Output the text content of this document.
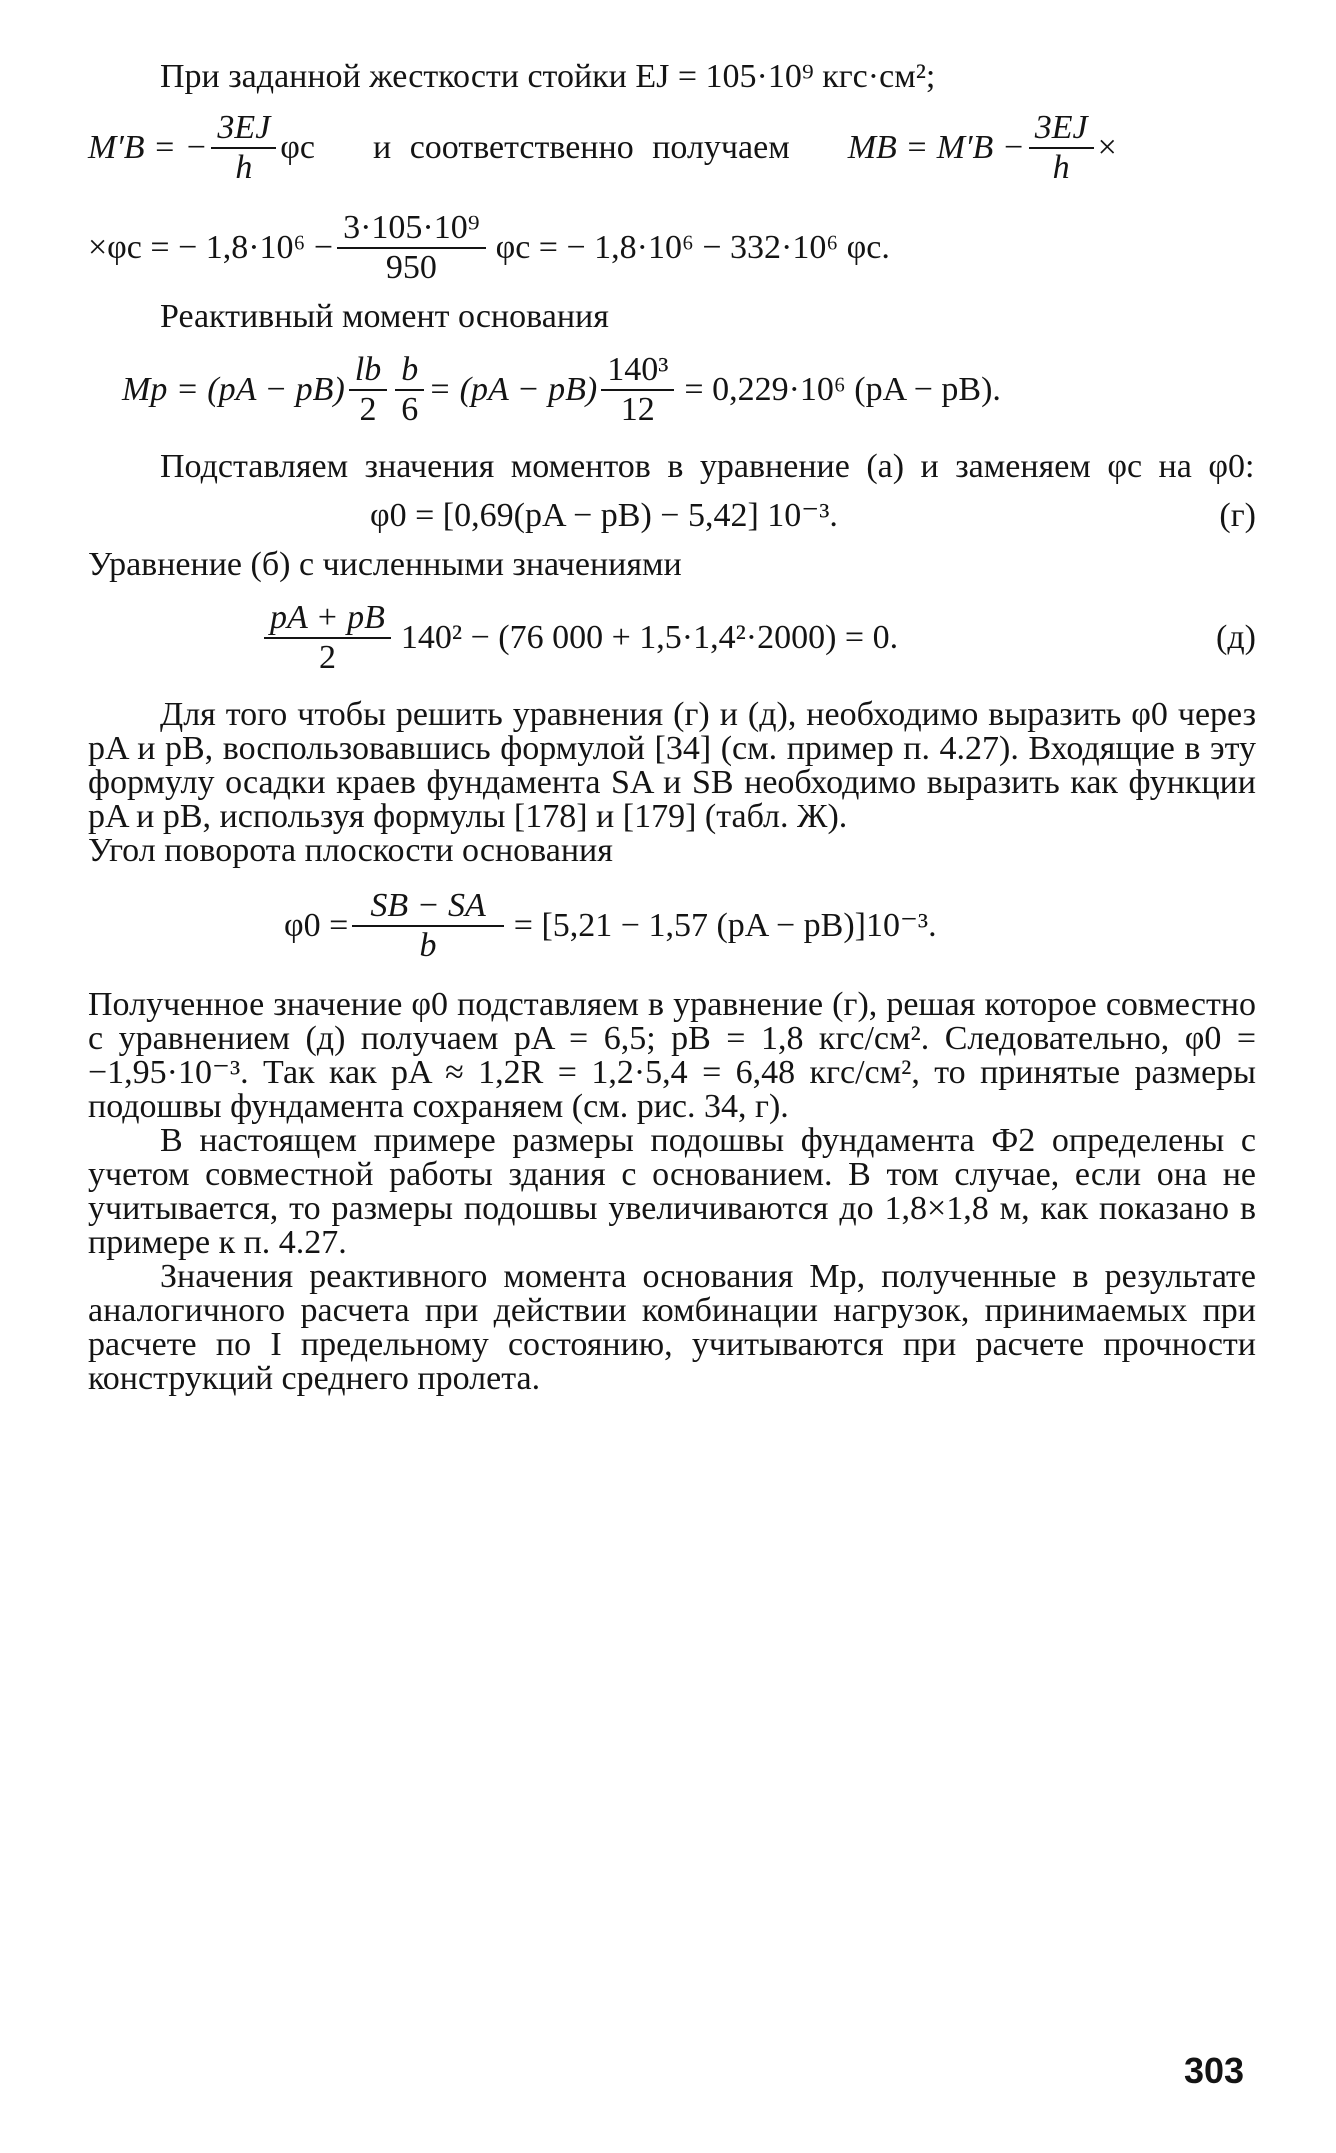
При заданной жесткости стойки EJ = 105·10⁹ кгс·см²;
M′B = − $\frac{3EJ}{h}$ φc и соответственно получаем MB = $M'B - \frac{3EJ}{h}$ ×
×φc = − $1,8\cdot 10^6 - \frac{\text{3·105·10⁹}}{950}$ φc = − 1,8·10⁶ − 332·10⁶ φc.
Реактивный момент основания
Mр = $(pA - pB) \frac{lb}{2} \frac{b}{6} = (pA - pB) \frac{\text{140³}}{12} = 0,229\cdot 10^6$ (pA − pB).
Подставляем значения моментов в уравнение (а) и заменяем φc на φ0:
φ0 = [0,69(pA − pB) − 5,42] 10⁻³.	(г)
Уравнение (б) с численными значениями
$\frac{pA + pB}{2} 140^2 - (76$ 000 + 1,5·1,4²·2000) = 0.	(д)
Для того чтобы решить уравнения (г) и (д), необходимо выразить φ0 через pA и pB, воспользовавшись формулой [34] (см. пример п. 4.27). Входящие в эту формулу осадки краев фундамента SA и SB необходимо выразить как функции pA и pB, используя формулы [178] и [179] (табл. Ж).
Угол поворота плоскости основания
$\varphi 0 = \frac{SB - SA}{b} = [5,21 - 1,57$ (pA − pB)]10⁻³.
Полученное значение φ0 подставляем в уравнение (г), решая которое совместно с уравнением (д) получаем pA = 6,5; pB = 1,8 кгс/см². Следовательно, φ0 = −1,95·10⁻³. Так как pA ≈ 1,2R = 1,2·5,4 = 6,48 кгс/см², то принятые размеры подошвы фундамента сохраняем (см. рис. 34, г).
В настоящем примере размеры подошвы фундамента Ф2 определены с учетом совместной работы здания с основанием. В том случае, если она не учитывается, то размеры подошвы увеличиваются до 1,8×1,8 м, как показано в примере к п. 4.27.
Значения реактивного момента основания Mр, полученные в результате аналогичного расчета при действии комбинации нагрузок, принимаемых при расчете по I предельному состоянию, учитываются при расчете прочности конструкций среднего пролета.
303
